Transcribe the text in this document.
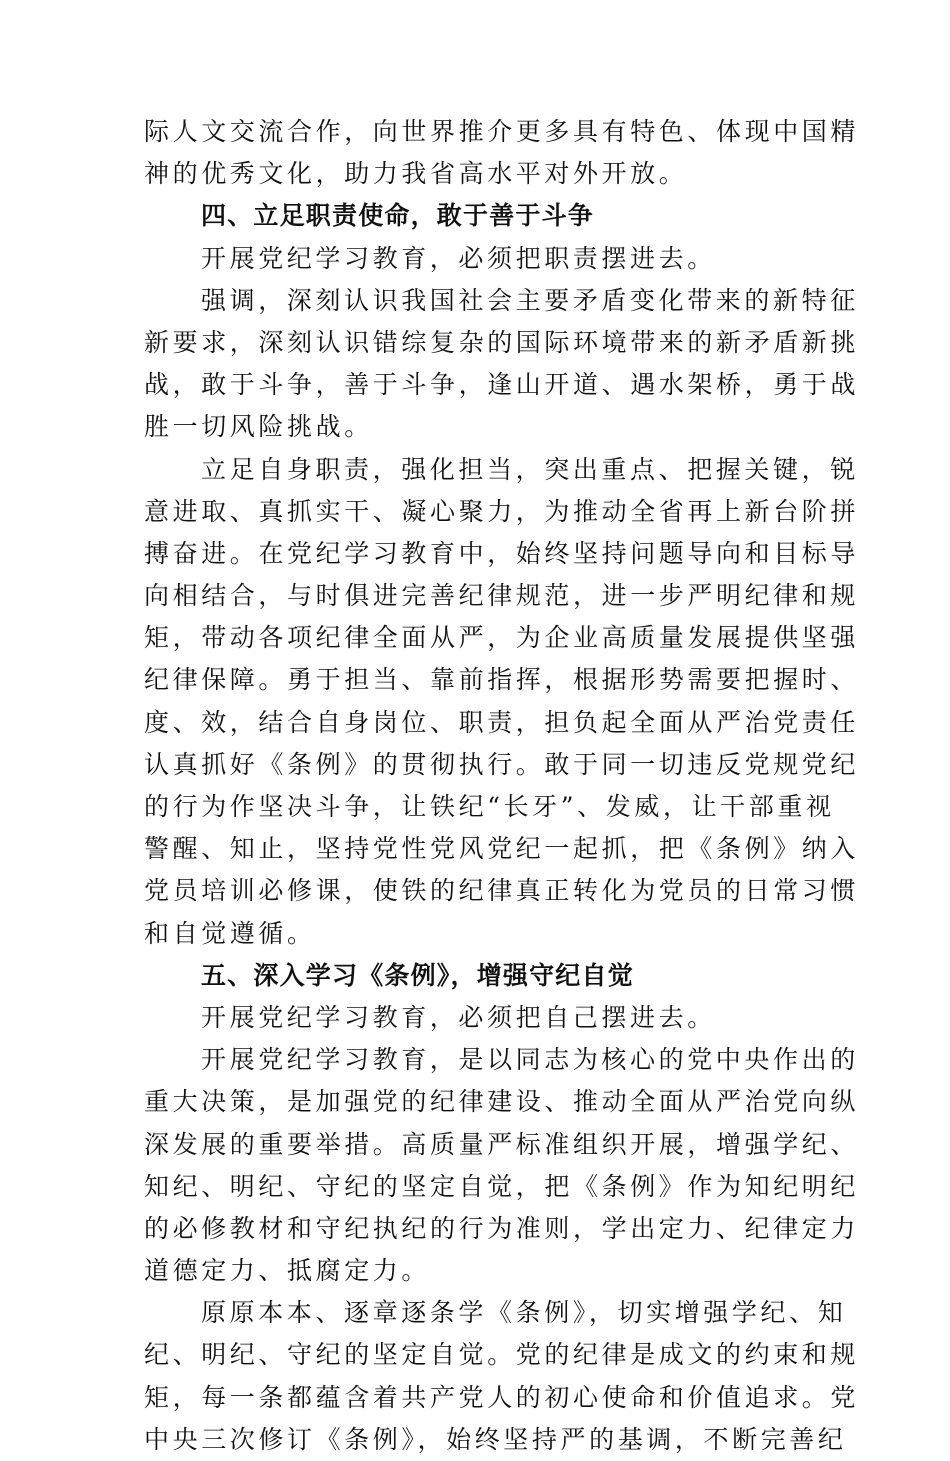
际人文交流合作，向世界推介更多具有特色、体现中国精
神的优秀文化，助力我省高水平对外开放。
四、立足职责使命，敢于善于斗争
开展党纪学习教育，必须把职责摆进去。
强调，深刻认识我国社会主要矛盾变化带来的新特征
新要求，深刻认识错综复杂的国际环境带来的新矛盾新挑
战，敢于斗争，善于斗争，逢山开道、遇水架桥，勇于战
胜一切风险挑战。
立足自身职责，强化担当，突出重点、把握关键，锐
意进取、真抓实干、凝心聚力，为推动全省再上新台阶拼
搏奋进。在党纪学习教育中，始终坚持问题导向和目标导
向相结合，与时俱进完善纪律规范，进一步严明纪律和规
矩，带动各项纪律全面从严，为企业高质量发展提供坚强
纪律保障。勇于担当、靠前指挥，根据形势需要把握时、
度、效，结合自身岗位、职责，担负起全面从严治党责任
认真抓好《条例》的贯彻执行。敢于同一切违反党规党纪
的行为作坚决斗争，让铁纪“长牙”、发威，让干部重视
警醒、知止，坚持党性党风党纪一起抓，把《条例》纳入
党员培训必修课，使铁的纪律真正转化为党员的日常习惯
和自觉遵循。
五、深入学习《条例》，增强守纪自觉
开展党纪学习教育，必须把自己摆进去。
开展党纪学习教育，是以同志为核心的党中央作出的
重大决策，是加强党的纪律建设、推动全面从严治党向纵
深发展的重要举措。高质量严标准组织开展，增强学纪、
知纪、明纪、守纪的坚定自觉，把《条例》作为知纪明纪
的必修教材和守纪执纪的行为准则，学出定力、纪律定力
道德定力、抵腐定力。
原原本本、逐章逐条学《条例》，切实增强学纪、知
纪、明纪、守纪的坚定自觉。党的纪律是成文的约束和规
矩，每一条都蕴含着共产党人的初心使命和价值追求。党
中央三次修订《条例》，始终坚持严的基调，不断完善纪
